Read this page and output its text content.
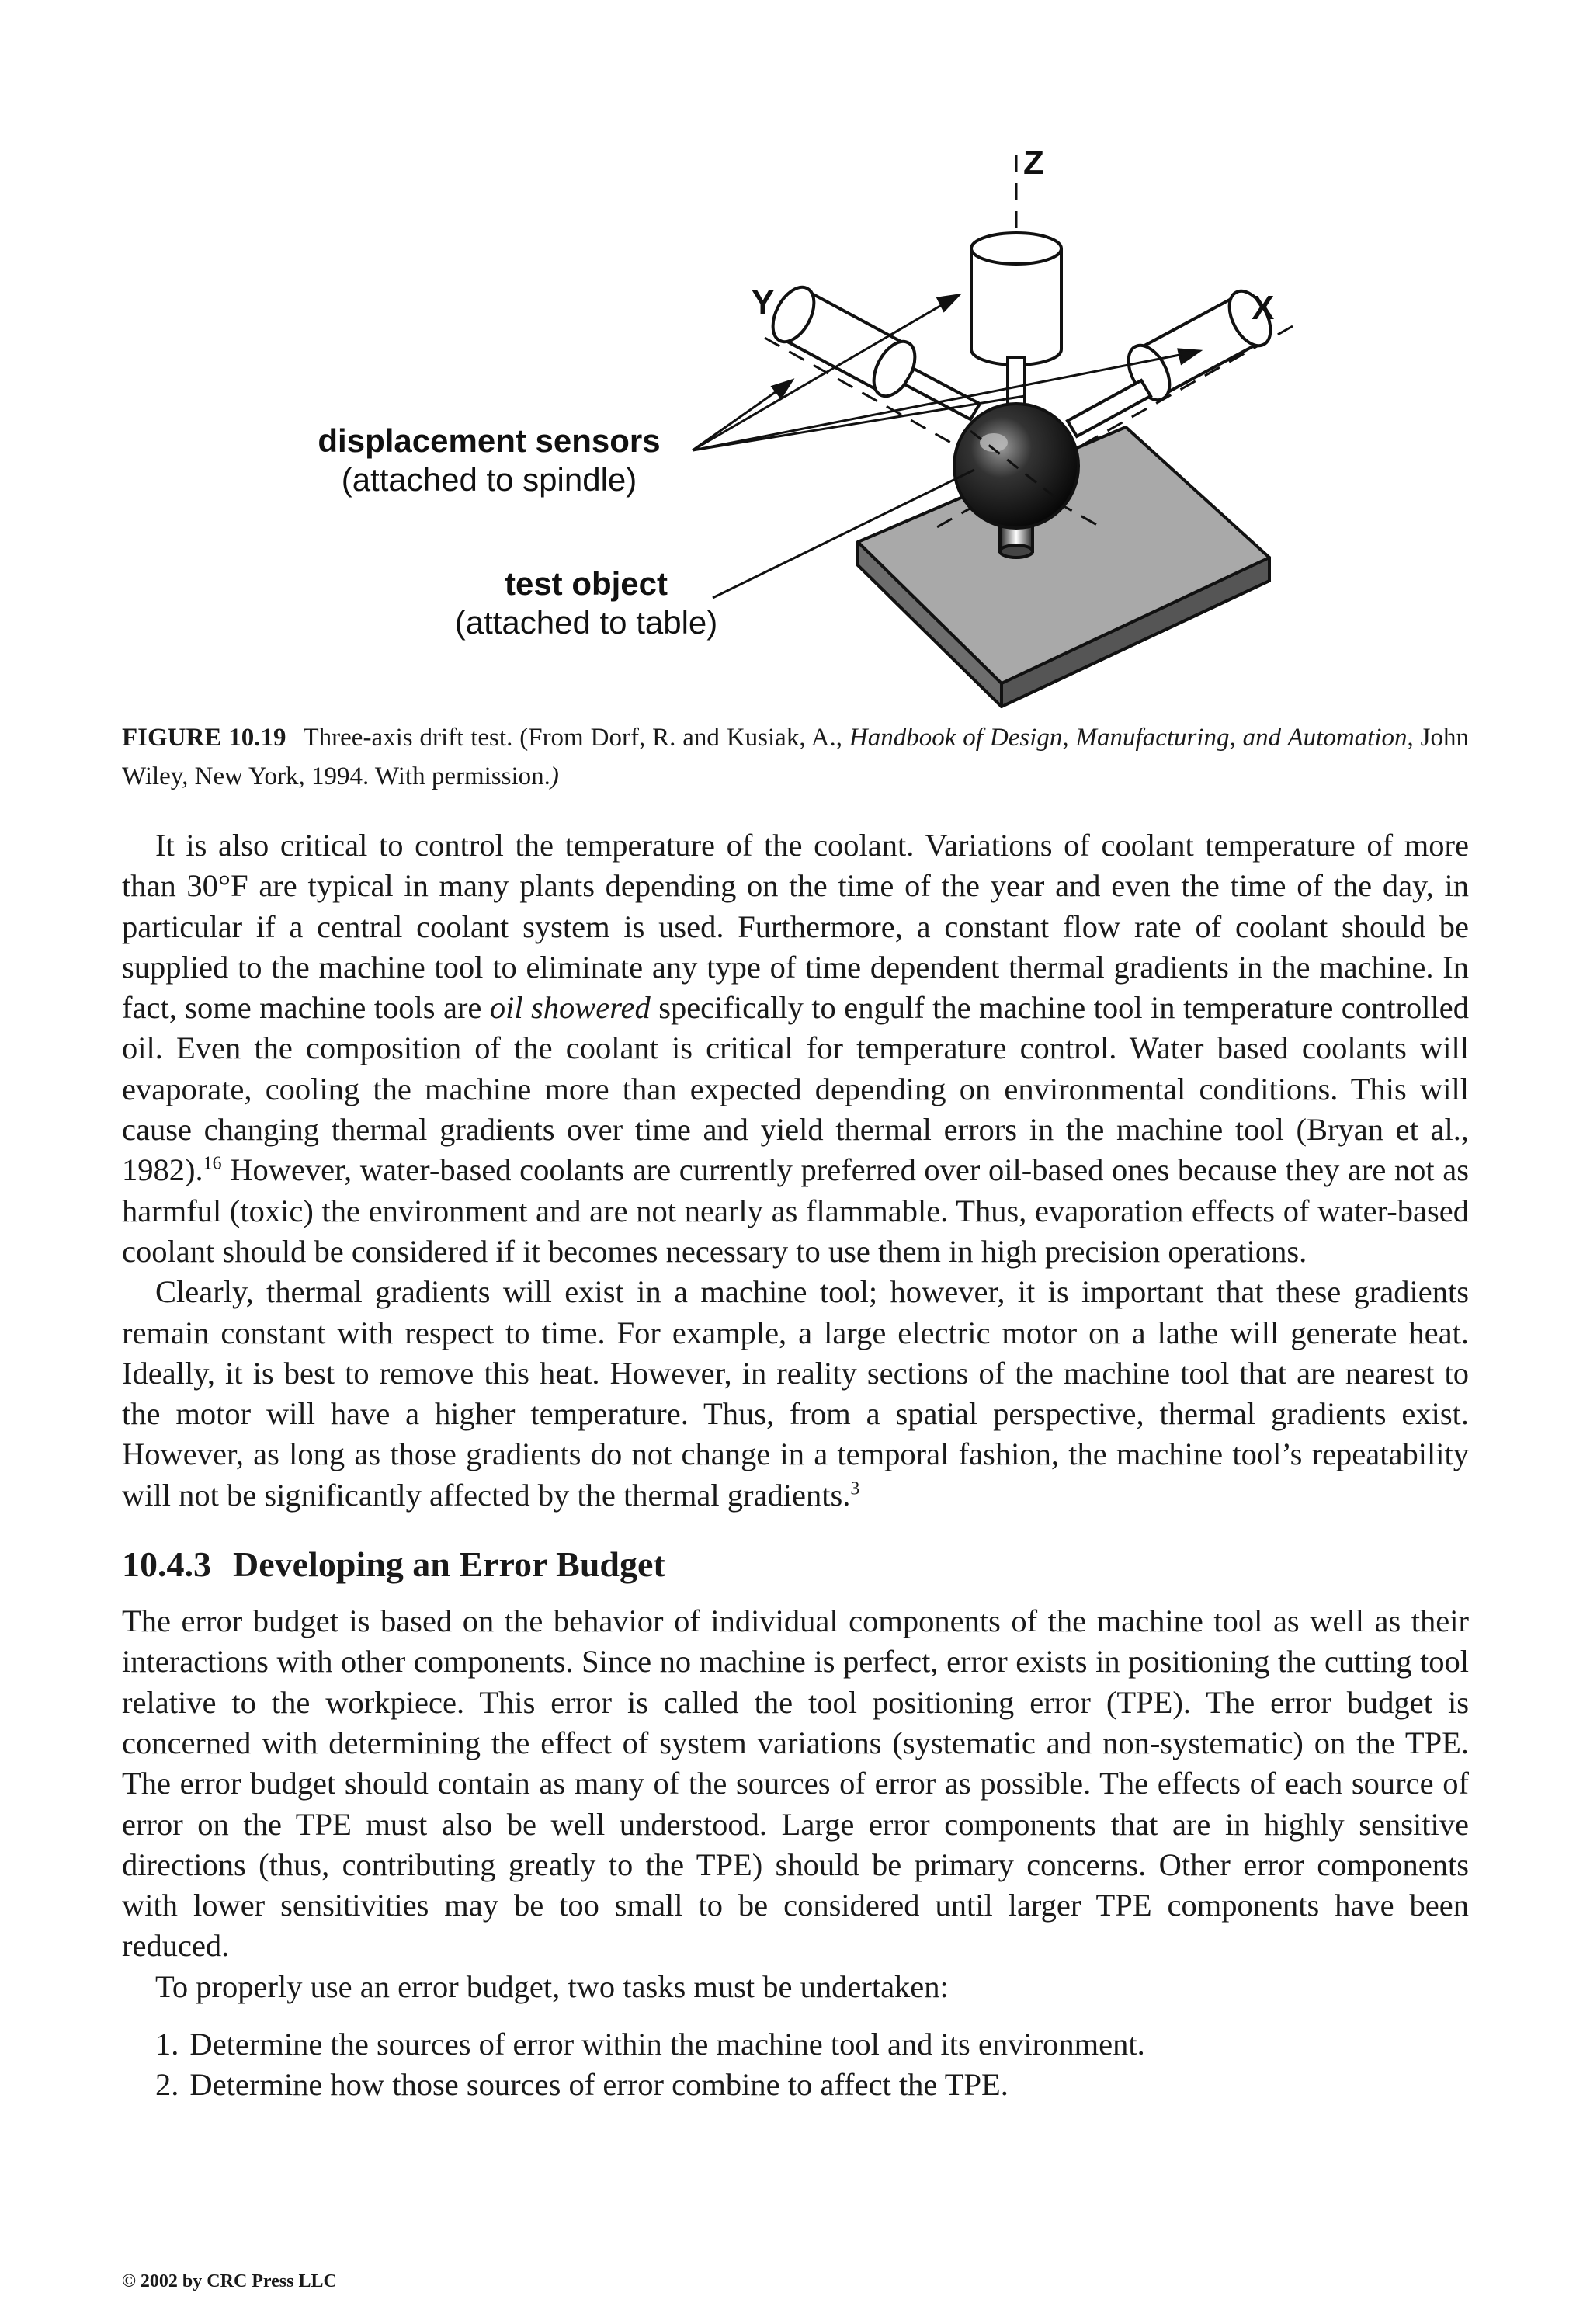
Z
Y	X
displacement sensors
(attached to spindle)
test object
(attached to table)
FIGURE 10.19 Three-axis drift test. (From Dorf, R. and Kusiak, A., Handbook of Design, Manufacturing, and Automation, John Wiley, New York, 1994. With permission.)

It is also critical to control the temperature of the coolant. Variations of coolant temperature of more than 30°F are typical in many plants depending on the time of the year and even the time of the day, in particular if a central coolant system is used. Furthermore, a constant flow rate of coolant should be supplied to the machine tool to eliminate any type of time dependent thermal gradients in the machine. In fact, some machine tools are oil showered specifically to engulf the machine tool in temperature controlled oil. Even the composition of the coolant is critical for temperature control. Water based coolants will evaporate, cooling the machine more than expected depending on environmental conditions. This will cause changing thermal gradients over time and yield thermal errors in the machine tool (Bryan et al., 1982).$^{16}$ However, water-based coolants are currently preferred over oil-based ones because they are not as harmful (toxic) the environment and are not nearly as flammable. Thus, evaporation effects of water-based coolant should be considered if it becomes necessary to use them in high precision operations.

Clearly, thermal gradients will exist in a machine tool; however, it is important that these gradients remain constant with respect to time. For example, a large electric motor on a lathe will generate heat. Ideally, it is best to remove this heat. However, in reality sections of the machine tool that are nearest to the motor will have a higher temperature. Thus, from a spatial perspective, thermal gradients exist. However, as long as those gradients do not change in a temporal fashion, the machine tool’s repeatability will not be significantly affected by the thermal gradients.$^3$

10.4.3 Developing an Error Budget

The error budget is based on the behavior of individual components of the machine tool as well as their interactions with other components. Since no machine is perfect, error exists in positioning the cutting tool relative to the workpiece. This error is called the tool positioning error (TPE). The error budget is concerned with determining the effect of system variations (systematic and non-systematic) on the TPE. The error budget should contain as many of the sources of error as possible. The effects of each source of error on the TPE must also be well understood. Large error components that are in highly sensitive directions (thus, contributing greatly to the TPE) should be primary concerns. Other error components with lower sensitivities may be too small to be considered until larger TPE components have been reduced.

To properly use an error budget, two tasks must be undertaken:

1. Determine the sources of error within the machine tool and its environment.
2. Determine how those sources of error combine to affect the TPE.
© 2002 by CRC Press LLC
